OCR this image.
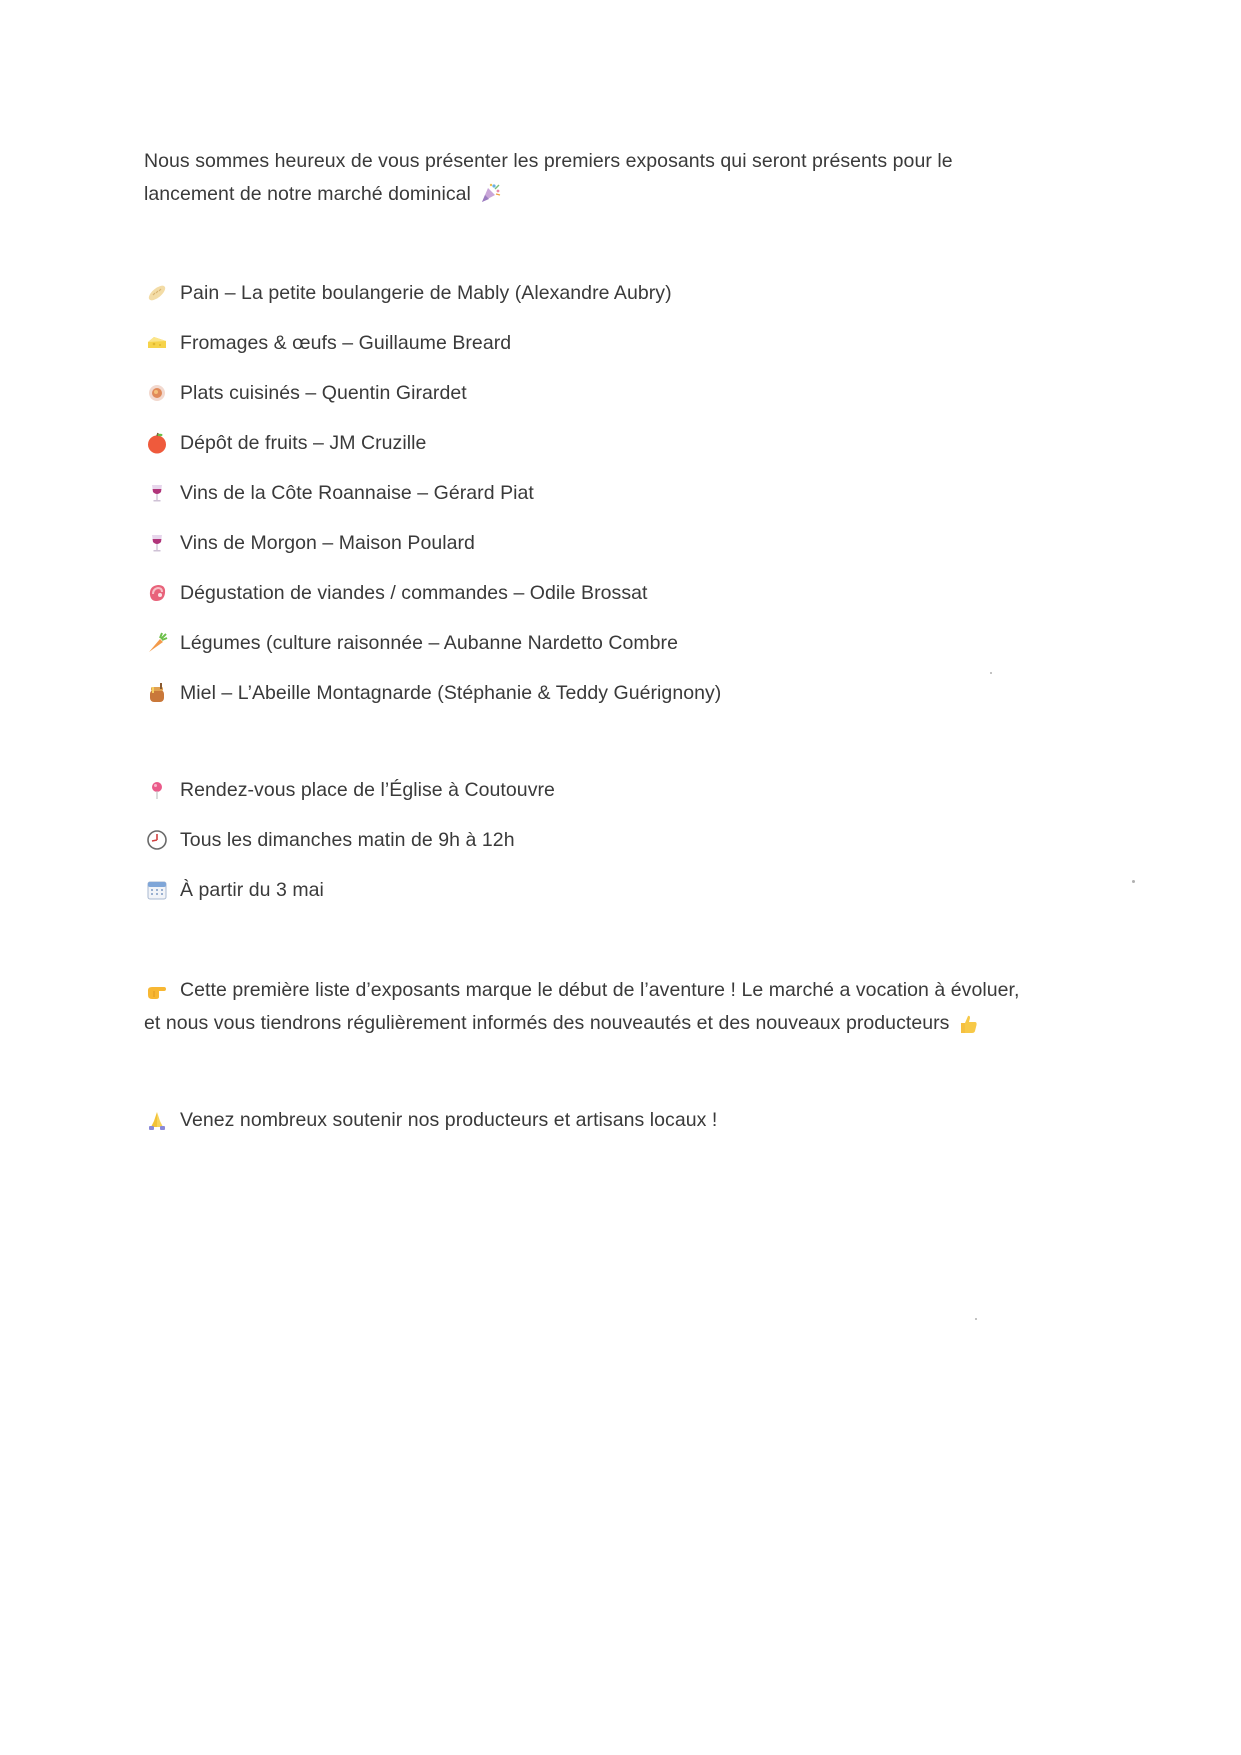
Nous sommes heureux de vous présenter les premiers exposants qui seront présents pour le
lancement de notre marché dominical
Pain – La petite boulangerie de Mably (Alexandre Aubry)
Fromages & œufs – Guillaume Breard
Plats cuisinés – Quentin Girardet
Dépôt de fruits – JM Cruzille
Vins de la Côte Roannaise – Gérard Piat
Vins de Morgon – Maison Poulard
Dégustation de viandes / commandes – Odile Brossat
Légumes (culture raisonnée – Aubanne Nardetto Combre
Miel – L’Abeille Montagnarde (Stéphanie & Teddy Guérignony)
Rendez-vous place de l’Église à Coutouvre
Tous les dimanches matin de 9h à 12h
À partir du 3 mai
Cette première liste d’exposants marque le début de l’aventure ! Le marché a vocation à évoluer,
et nous vous tiendrons régulièrement informés des nouveautés et des nouveaux producteurs
Venez nombreux soutenir nos producteurs et artisans locaux !
